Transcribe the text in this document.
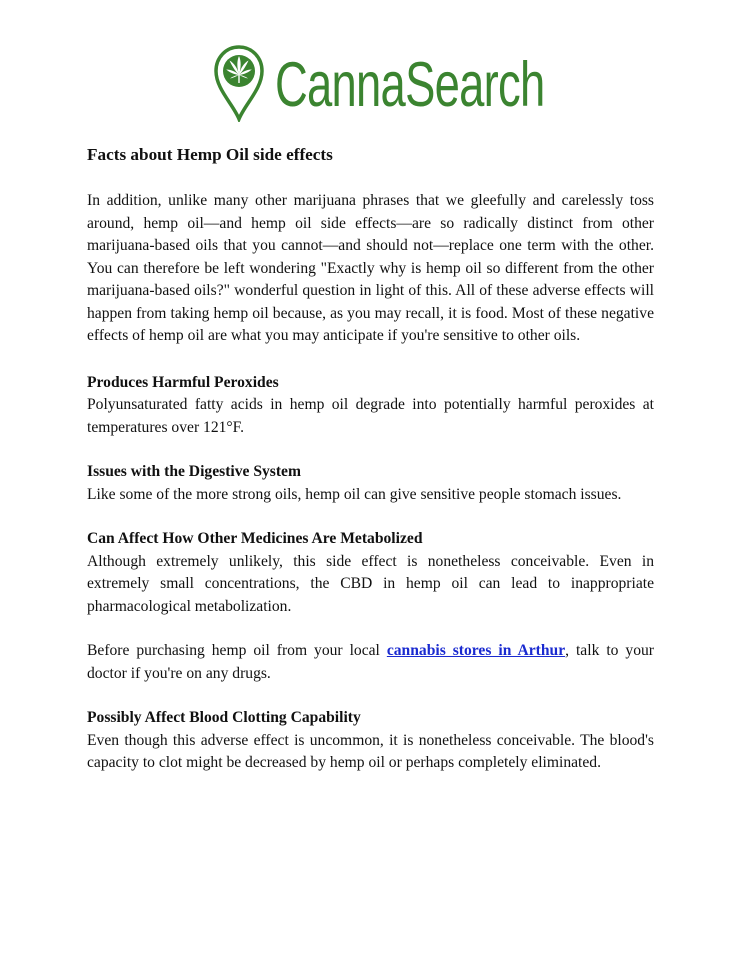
CannaSearch
Facts about Hemp Oil side effects

In addition, unlike many other marijuana phrases that we gleefully and carelessly toss around, hemp oil—and hemp oil side effects—are so radically distinct from other marijuana-based oils that you cannot—and should not—replace one term with the other. You can therefore be left wondering "Exactly why is hemp oil so different from the other marijuana-based oils?" wonderful question in light of this. All of these adverse effects will happen from taking hemp oil because, as you may recall, it is food. Most of these negative effects of hemp oil are what you may anticipate if you're sensitive to other oils.

Produces Harmful Peroxides

Polyunsaturated fatty acids in hemp oil degrade into potentially harmful peroxides at temperatures over 121°F.

Issues with the Digestive System

Like some of the more strong oils, hemp oil can give sensitive people stomach issues.

Can Affect How Other Medicines Are Metabolized

Although extremely unlikely, this side effect is nonetheless conceivable. Even in extremely small concentrations, the CBD in hemp oil can lead to inappropriate pharmacological metabolization.

Before purchasing hemp oil from your local cannabis stores in Arthur, talk to your doctor if you're on any drugs.

Possibly Affect Blood Clotting Capability

Even though this adverse effect is uncommon, it is nonetheless conceivable. The blood's capacity to clot might be decreased by hemp oil or perhaps completely eliminated.
